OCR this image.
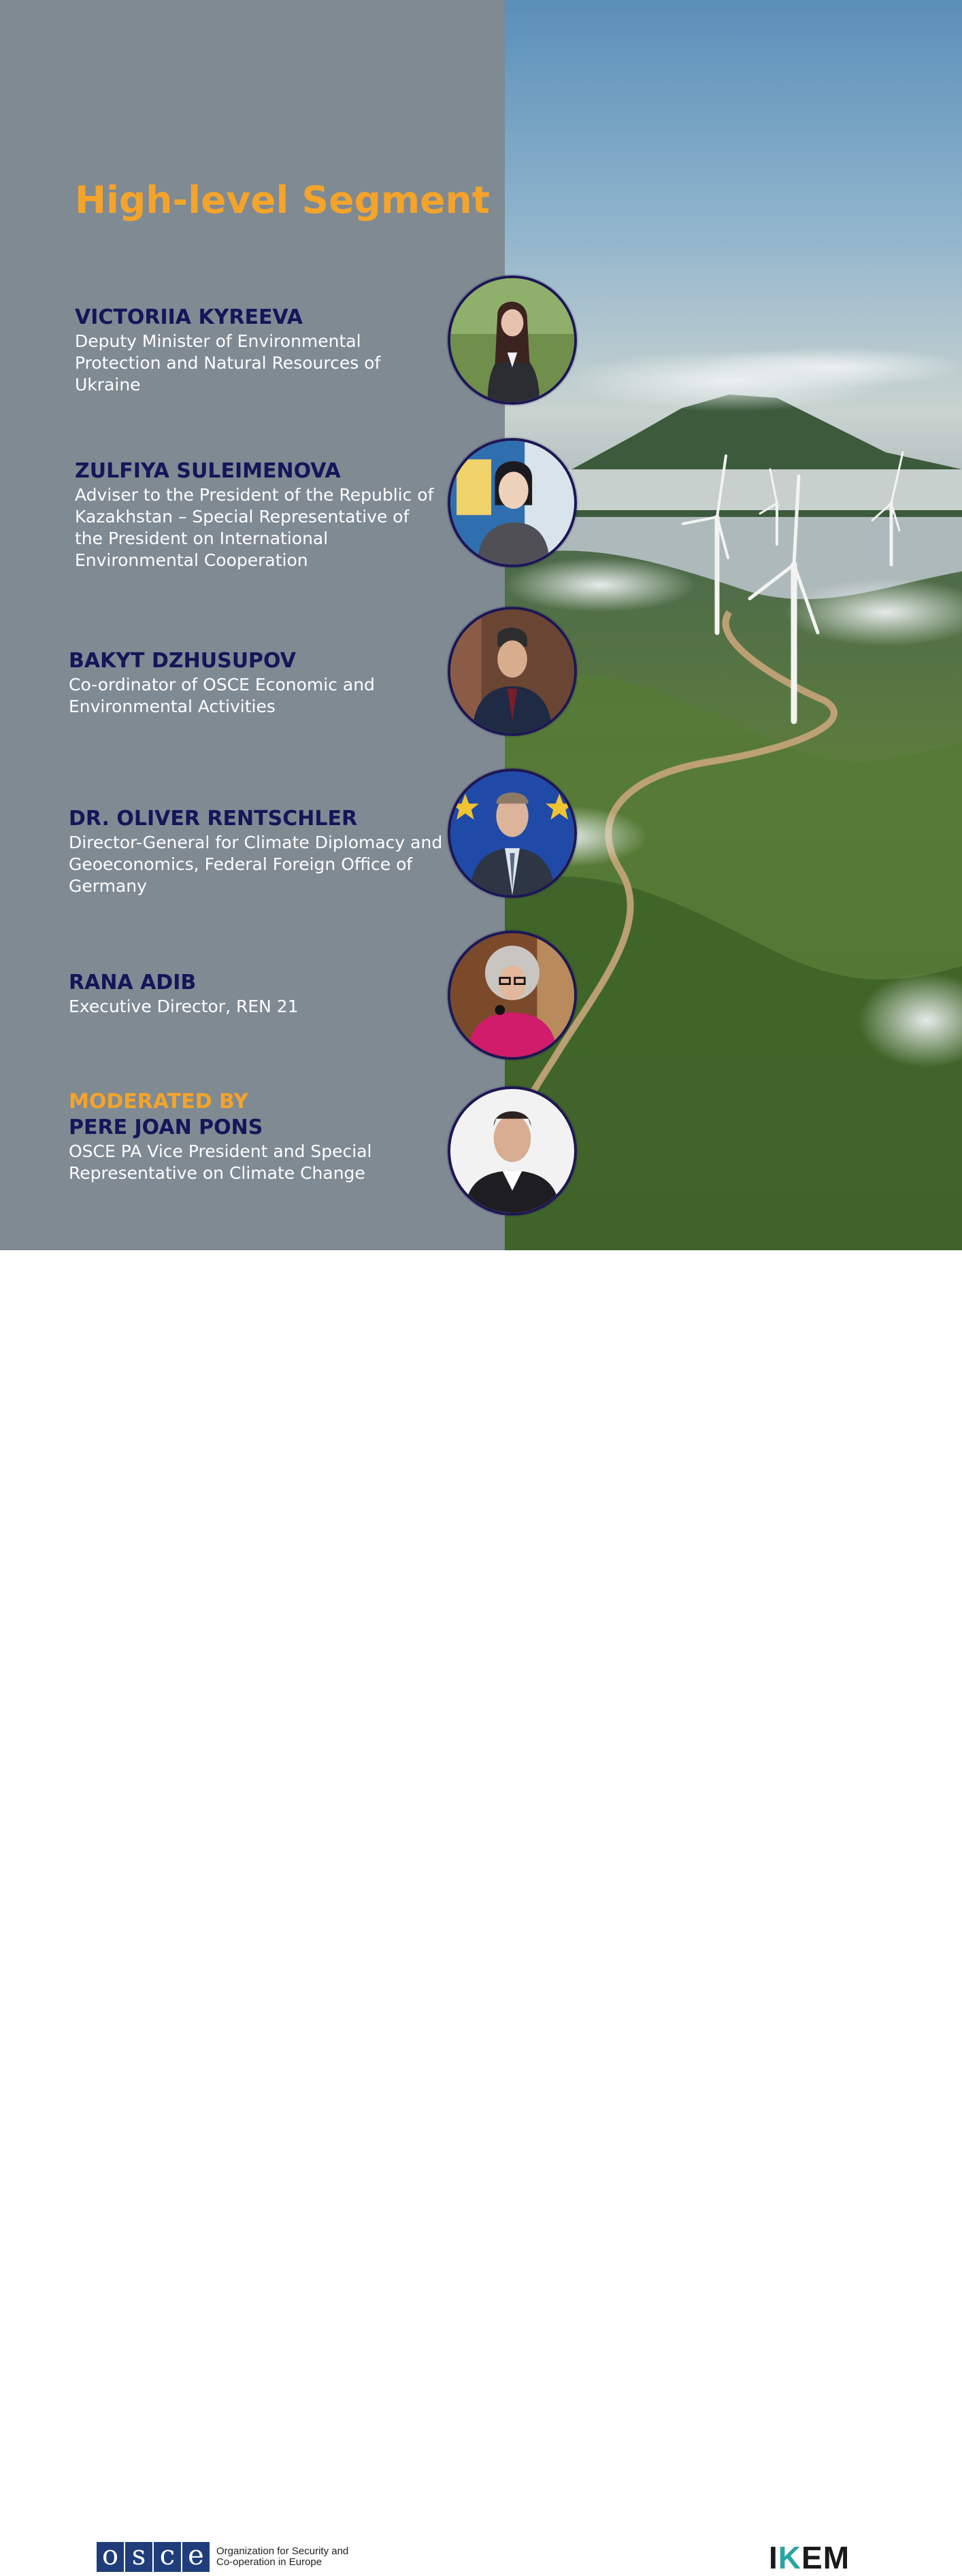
High-level Segment
VICTORIIA KYREEVA
Deputy Minister of Environmental
Protection and Natural Resources of
Ukraine
ZULFIYA SULEIMENOVA
Adviser to the President of the Republic of
Kazakhstan – Special Representative of
the President on International
Environmental Cooperation
BAKYT DZHUSUPOV
Co-ordinator of OSCE Economic and
Environmental Activities
DR. OLIVER RENTSCHLER
Director-General for Climate Diplomacy and
Geoeconomics, Federal Foreign Office of
Germany
RANA ADIB
Executive Director, REN 21
MODERATED BY
PERE JOAN PONS
OSCE PA Vice President and Special
Representative on Climate Change
o s c e	Organization for Security and
Co-operation in Europe	IKEM
